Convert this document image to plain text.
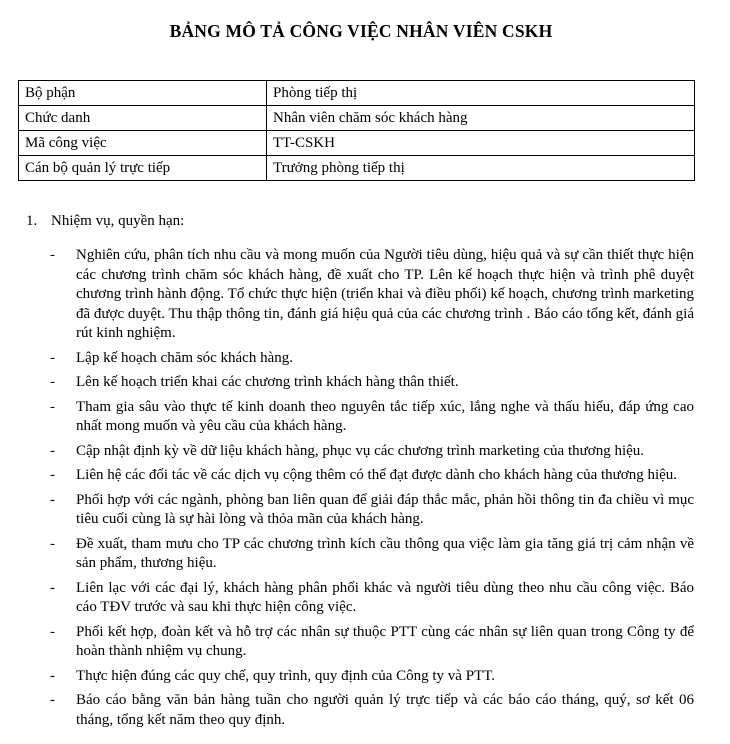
BẢNG MÔ TẢ CÔNG VIỆC NHÂN VIÊN CSKH
Bộ phận	Phòng tiếp thị
Chức danh	Nhân viên chăm sóc khách hàng
Mã công việc	TT-CSKH
Cán bộ quản lý trực tiếp	Trưởng phòng tiếp thị
1. Nhiệm vụ, quyền hạn:
- Nghiên cứu, phân tích nhu cầu và mong muốn của Người tiêu dùng, hiệu quả và sự cần thiết thực hiện các chương trình chăm sóc khách hàng, đề xuất cho TP. Lên kế hoạch thực hiện và trình phê duyệt chương trình hành động. Tổ chức thực hiện (triển khai và điều phối) kế hoạch, chương trình marketing đã được duyệt. Thu thập thông tin, đánh giá hiệu quả của các chương trình . Báo cáo tổng kết, đánh giá rút kinh nghiệm.
- Lập kế hoạch chăm sóc khách hàng.
- Lên kế hoạch triển khai các chương trình khách hàng thân thiết.
- Tham gia sâu vào thực tế kinh doanh theo nguyên tắc tiếp xúc, lắng nghe và thấu hiểu, đáp ứng cao nhất mong muốn và yêu cầu của khách hàng.
- Cập nhật định kỳ về dữ liệu khách hàng, phục vụ các chương trình marketing của thương hiệu.
- Liên hệ các đối tác về các dịch vụ cộng thêm có thể đạt được dành cho khách hàng của thương hiệu.
- Phối hợp với các ngành, phòng ban liên quan để giải đáp thắc mắc, phản hồi thông tin đa chiều vì mục tiêu cuối cùng là sự hài lòng và thỏa mãn của khách hàng.
- Đề xuất, tham mưu cho TP các chương trình kích cầu thông qua việc làm gia tăng giá trị cảm nhận về sản phẩm, thương hiệu.
- Liên lạc với các đại lý, khách hàng phân phối khác và người tiêu dùng theo nhu cầu công việc. Báo cáo TĐV trước và sau khi thực hiện công việc.
- Phối kết hợp, đoàn kết và hỗ trợ các nhân sự thuộc PTT cùng các nhân sự liên quan trong Công ty để hoàn thành nhiệm vụ chung.
- Thực hiện đúng các quy chế, quy trình, quy định của Công ty và PTT.
- Báo cáo bằng văn bản hàng tuần cho người quản lý trực tiếp và các báo cáo tháng, quý, sơ kết 06 tháng, tổng kết năm theo quy định.
